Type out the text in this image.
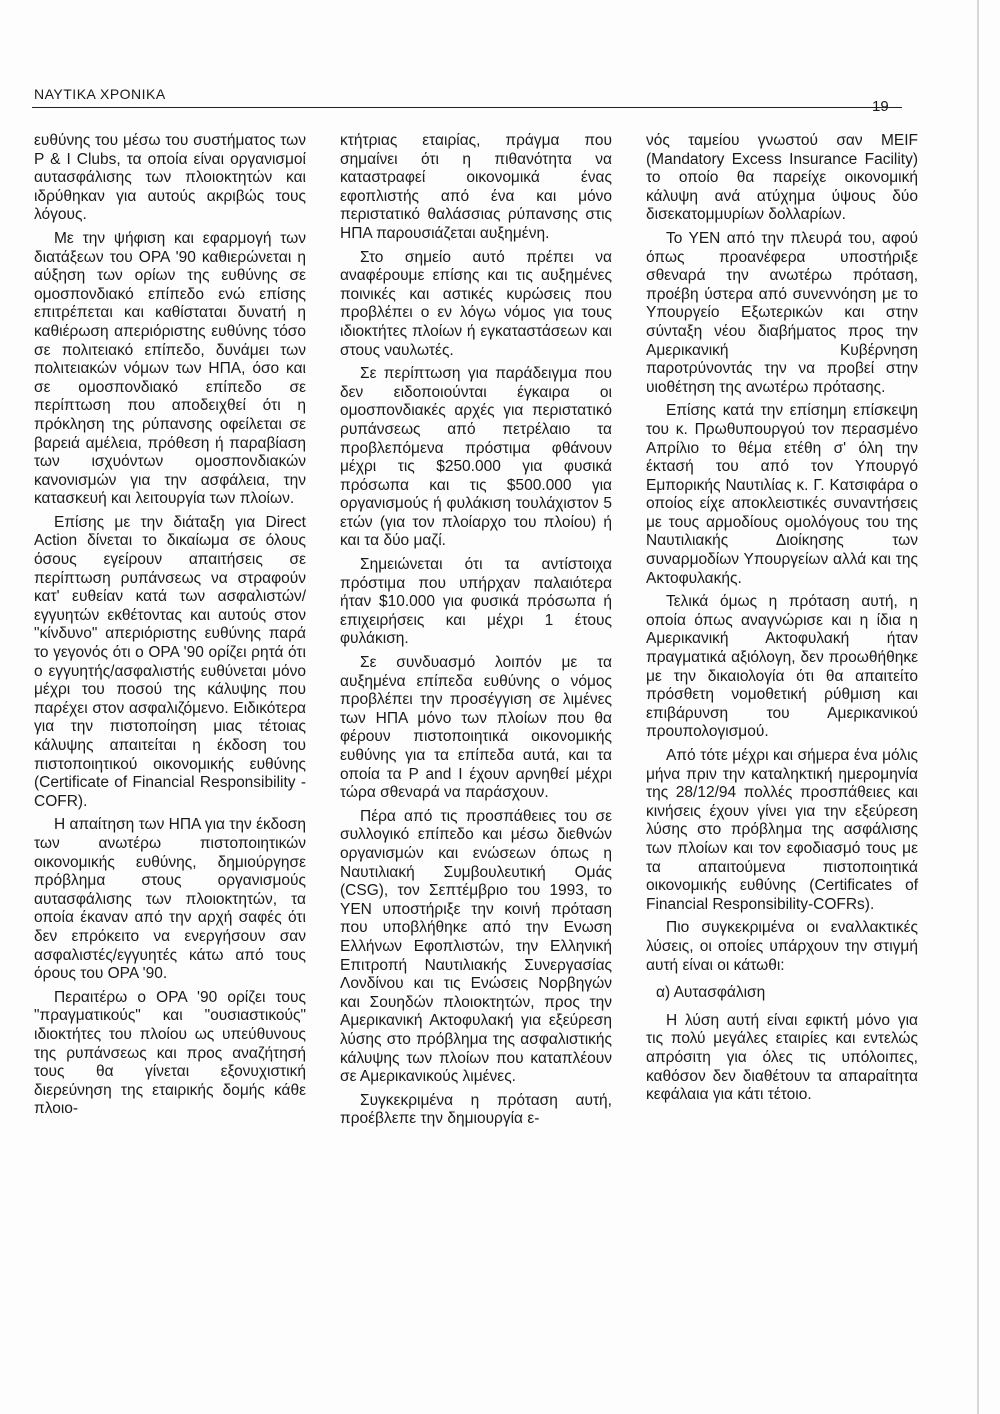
ΝΑΥΤΙΚΑ ΧΡΟΝΙΚΑ
19

ευθύνης του μέσω του συστήματος των P & I Clubs, τα οποία είναι οργανισμοί αυτασφάλισης των πλοιοκτητών και ιδρύθηκαν για αυτούς ακριβώς τους λόγους.

Με την ψήφιση και εφαρμογή των διατάξεων του ΟΡΑ '90 καθιερώνεται η αύξηση των ορίων της ευθύνης σε ομοσπονδιακό επίπεδο ενώ επίσης επιτρέπεται και καθίσταται δυνατή η καθιέρωση απεριόριστης ευθύνης τόσο σε πολιτειακό επίπεδο, δυνάμει των πολιτειακών νόμων των ΗΠΑ, όσο και σε ομοσπονδιακό επίπεδο σε περίπτωση που αποδειχθεί ότι η πρόκληση της ρύπανσης οφείλεται σε βαρειά αμέλεια, πρόθεση ή παραβίαση των ισχυόντων ομοσπονδιακών κανονισμών για την ασφάλεια, την κατασκευή και λειτουργία των πλοίων.

Επίσης με την διάταξη για Direct Action δίνεται το δικαίωμα σε όλους όσους εγείρουν απαιτήσεις σε περίπτωση ρυπάνσεως να στραφούν κατ' ευθείαν κατά των ασφαλιστών/εγγυητών εκθέτοντας και αυτούς στον "κίνδυνο" απεριόριστης ευθύνης παρά το γεγονός ότι ο ΟΡΑ '90 ορίζει ρητά ότι ο εγγυητής/ασφαλιστής ευθύνεται μόνο μέχρι του ποσού της κάλυψης που παρέχει στον ασφαλιζόμενο. Ειδικότερα για την πιστοποίηση μιας τέτοιας κάλυψης απαιτείται η έκδοση του πιστοποιητικού οικονομικής ευθύνης (Certificate of Financial Responsibility - COFR).

Η απαίτηση των ΗΠΑ για την έκδοση των ανωτέρω πιστοποιητικών οικονομικής ευθύνης, δημιούργησε πρόβλημα στους οργανισμούς αυτασφάλισης των πλοιοκτητών, τα οποία έκαναν από την αρχή σαφές ότι δεν επρόκειτο να ενεργήσουν σαν ασφαλιστές/εγγυητές κάτω από τους όρους του ΟΡΑ '90.

Περαιτέρω ο ΟΡΑ '90 ορίζει τους "πραγματικούς" και "ουσιαστικούς" ιδιοκτήτες του πλοίου ως υπεύθυνους της ρυπάνσεως και προς αναζήτησή τους θα γίνεται εξονυχιστική διερεύνηση της εταιρικής δομής κάθε πλοιο-

κτήτριας εταιρίας, πράγμα που σημαίνει ότι η πιθανότητα να καταστραφεί οικονομικά ένας εφοπλιστής από ένα και μόνο περιστατικό θαλάσσιας ρύπανσης στις ΗΠΑ παρουσιάζεται αυξημένη.

Στο σημείο αυτό πρέπει να αναφέρουμε επίσης και τις αυξημένες ποινικές και αστικές κυρώσεις που προβλέπει ο εν λόγω νόμος για τους ιδιοκτήτες πλοίων ή εγκαταστάσεων και στους ναυλωτές.

Σε περίπτωση για παράδειγμα που δεν ειδοποιούνται έγκαιρα οι ομοσπονδιακές αρχές για περιστατικό ρυπάνσεως από πετρέλαιο τα προβλεπόμενα πρόστιμα φθάνουν μέχρι τις $250.000 για φυσικά πρόσωπα και τις $500.000 για οργανισμούς ή φυλάκιση τουλάχιστον 5 ετών (για τον πλοίαρχο του πλοίου) ή και τα δύο μαζί.

Σημειώνεται ότι τα αντίστοιχα πρόστιμα που υπήρχαν παλαιότερα ήταν $10.000 για φυσικά πρόσωπα ή επιχειρήσεις και μέχρι 1 έτους φυλάκιση.

Σε συνδυασμό λοιπόν με τα αυξημένα επίπεδα ευθύνης ο νόμος προβλέπει την προσέγγιση σε λιμένες των ΗΠΑ μόνο των πλοίων που θα φέρουν πιστοποιητικά οικονομικής ευθύνης για τα επίπεδα αυτά, και τα οποία τα P and I έχουν αρνηθεί μέχρι τώρα σθεναρά να παράσχουν.

Πέρα από τις προσπάθειες του σε συλλογικό επίπεδο και μέσω διεθνών οργανισμών και ενώσεων όπως η Ναυτιλιακή Συμβουλευτική Ομάς (CSG), τον Σεπτέμβριο του 1993, το ΥΕΝ υποστήριξε την κοινή πρόταση που υποβλήθηκε από την Ενωση Ελλήνων Εφοπλιστών, την Ελληνική Επιτροπή Ναυτιλιακής Συνεργασίας Λονδίνου και τις Ενώσεις Νορβηγών και Σουηδών πλοιοκτητών, προς την Αμερικανική Ακτοφυλακή για εξεύρεση λύσης στο πρόβλημα της ασφαλιστικής κάλυψης των πλοίων που καταπλέουν σε Αμερικανικούς λιμένες.

Συγκεκριμένα η πρόταση αυτή, προέβλεπε την δημιουργία ε-

νός ταμείου γνωστού σαν MEIF (Mandatory Excess Insurance Facility) το οποίο θα παρείχε οικονομική κάλυψη ανά ατύχημα ύψους δύο δισεκατομμυρίων δολλαρίων.

Το ΥΕΝ από την πλευρά του, αφού όπως προανέφερα υποστήριξε σθεναρά την ανωτέρω πρόταση, προέβη ύστερα από συνεννόηση με το Υπουργείο Εξωτερικών και στην σύνταξη νέου διαβήματος προς την Αμερικανική Κυβέρνηση παροτρύνοντάς την να προβεί στην υιοθέτηση της ανωτέρω πρότασης.

Επίσης κατά την επίσημη επίσκεψη του κ. Πρωθυπουργού τον περασμένο Απρίλιο το θέμα ετέθη σ' όλη την έκτασή του από τον Υπουργό Εμπορικής Ναυτιλίας κ. Γ. Κατσιφάρα ο οποίος είχε αποκλειστικές συναντήσεις με τους αρμοδίους ομολόγους του της Ναυτιλιακής Διοίκησης των συναρμοδίων Υπουργείων αλλά και της Ακτοφυλακής.

Τελικά όμως η πρόταση αυτή, η οποία όπως αναγνώρισε και η ίδια η Αμερικανική Ακτοφυλακή ήταν πραγματικά αξιόλογη, δεν προωθήθηκε με την δικαιολογία ότι θα απαιτείτο πρόσθετη νομοθετική ρύθμιση και επιβάρυνση του Αμερικανικού προυπολογισμού.

Από τότε μέχρι και σήμερα ένα μόλις μήνα πριν την καταληκτική ημερομηνία της 28/12/94 πολλές προσπάθειες και κινήσεις έχουν γίνει για την εξεύρεση λύσης στο πρόβλημα της ασφάλισης των πλοίων και τον εφοδιασμό τους με τα απαιτούμενα πιστοποιητικά οικονομικής ευθύνης (Certificates of Financial Responsibility-COFRs).

Πιο συγκεκριμένα οι εναλλακτικές λύσεις, οι οποίες υπάρχουν την στιγμή αυτή είναι οι κάτωθι:

α) Αυτασφάλιση

Η λύση αυτή είναι εφικτή μόνο για τις πολύ μεγάλες εταιρίες και εντελώς απρόσιτη για όλες τις υπόλοιπες, καθόσον δεν διαθέτουν τα απαραίτητα κεφάλαια για κάτι τέτοιο.
